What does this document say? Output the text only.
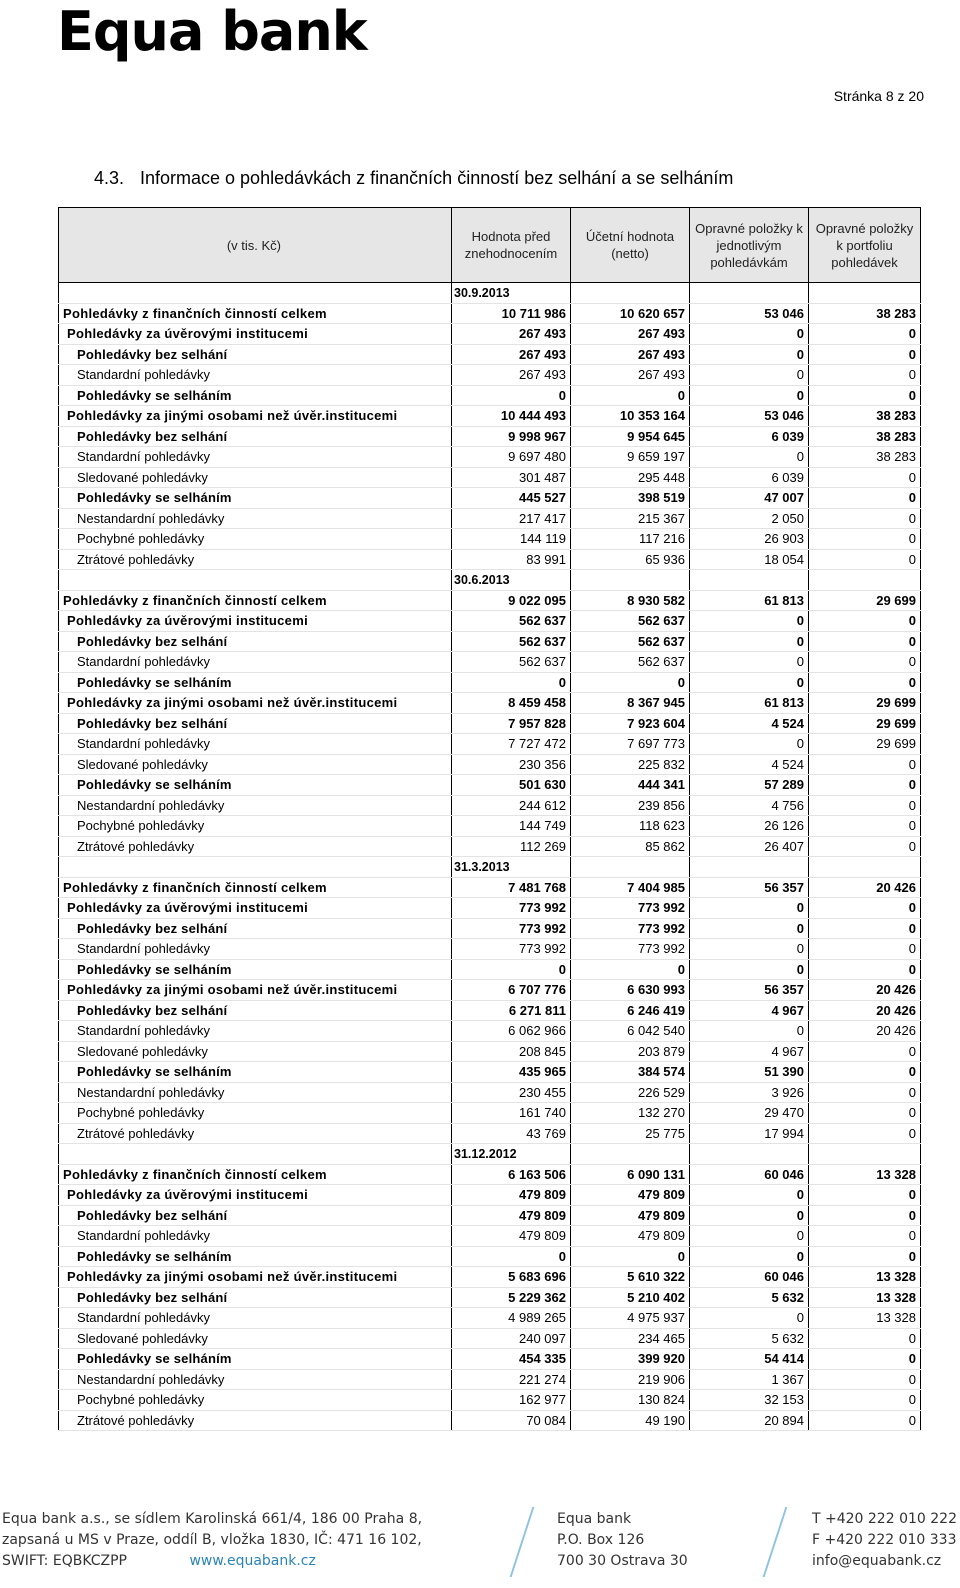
Equa bank
Stránka 8 z 20
4.3. Informace o pohledávkách z finančních činností bez selhání a se selháním
(v tis. Kč)	Hodnota před znehodnocením	Účetní hodnota (netto)	Opravné položky k jednotlivým pohledávkám	Opravné položky k portfoliu pohledávek
	30.9.2013			
Pohledávky z finančních činností celkem	10 711 986	10 620 657	53 046	38 283
Pohledávky za úvěrovými institucemi	267 493	267 493	0	0
Pohledávky bez selhání	267 493	267 493	0	0
Standardní pohledávky	267 493	267 493	0	0
Pohledávky se selháním	0	0	0	0
Pohledávky za jinými osobami než úvěr.institucemi	10 444 493	10 353 164	53 046	38 283
Pohledávky bez selhání	9 998 967	9 954 645	6 039	38 283
Standardní pohledávky	9 697 480	9 659 197	0	38 283
Sledované pohledávky	301 487	295 448	6 039	0
Pohledávky se selháním	445 527	398 519	47 007	0
Nestandardní pohledávky	217 417	215 367	2 050	0
Pochybné pohledávky	144 119	117 216	26 903	0
Ztrátové pohledávky	83 991	65 936	18 054	0
	30.6.2013			
Pohledávky z finančních činností celkem	9 022 095	8 930 582	61 813	29 699
Pohledávky za úvěrovými institucemi	562 637	562 637	0	0
Pohledávky bez selhání	562 637	562 637	0	0
Standardní pohledávky	562 637	562 637	0	0
Pohledávky se selháním	0	0	0	0
Pohledávky za jinými osobami než úvěr.institucemi	8 459 458	8 367 945	61 813	29 699
Pohledávky bez selhání	7 957 828	7 923 604	4 524	29 699
Standardní pohledávky	7 727 472	7 697 773	0	29 699
Sledované pohledávky	230 356	225 832	4 524	0
Pohledávky se selháním	501 630	444 341	57 289	0
Nestandardní pohledávky	244 612	239 856	4 756	0
Pochybné pohledávky	144 749	118 623	26 126	0
Ztrátové pohledávky	112 269	85 862	26 407	0
	31.3.2013			
Pohledávky z finančních činností celkem	7 481 768	7 404 985	56 357	20 426
Pohledávky za úvěrovými institucemi	773 992	773 992	0	0
Pohledávky bez selhání	773 992	773 992	0	0
Standardní pohledávky	773 992	773 992	0	0
Pohledávky se selháním	0	0	0	0
Pohledávky za jinými osobami než úvěr.institucemi	6 707 776	6 630 993	56 357	20 426
Pohledávky bez selhání	6 271 811	6 246 419	4 967	20 426
Standardní pohledávky	6 062 966	6 042 540	0	20 426
Sledované pohledávky	208 845	203 879	4 967	0
Pohledávky se selháním	435 965	384 574	51 390	0
Nestandardní pohledávky	230 455	226 529	3 926	0
Pochybné pohledávky	161 740	132 270	29 470	0
Ztrátové pohledávky	43 769	25 775	17 994	0
	31.12.2012			
Pohledávky z finančních činností celkem	6 163 506	6 090 131	60 046	13 328
Pohledávky za úvěrovými institucemi	479 809	479 809	0	0
Pohledávky bez selhání	479 809	479 809	0	0
Standardní pohledávky	479 809	479 809	0	0
Pohledávky se selháním	0	0	0	0
Pohledávky za jinými osobami než úvěr.institucemi	5 683 696	5 610 322	60 046	13 328
Pohledávky bez selhání	5 229 362	5 210 402	5 632	13 328
Standardní pohledávky	4 989 265	4 975 937	0	13 328
Sledované pohledávky	240 097	234 465	5 632	0
Pohledávky se selháním	454 335	399 920	54 414	0
Nestandardní pohledávky	221 274	219 906	1 367	0
Pochybné pohledávky	162 977	130 824	32 153	0
Ztrátové pohledávky	70 084	49 190	20 894	0
Equa bank a.s., se sídlem Karolinská 661/4, 186 00 Praha 8,
zapsaná u MS v Praze, oddíl B, vložka 1830, IČ: 471 16 102,
SWIFT: EQBKCZPP	www.equabank.cz
Equa bank
P.O. Box 126
700 30 Ostrava 30
T +420 222 010 222
F +420 222 010 333
info@equabank.cz
